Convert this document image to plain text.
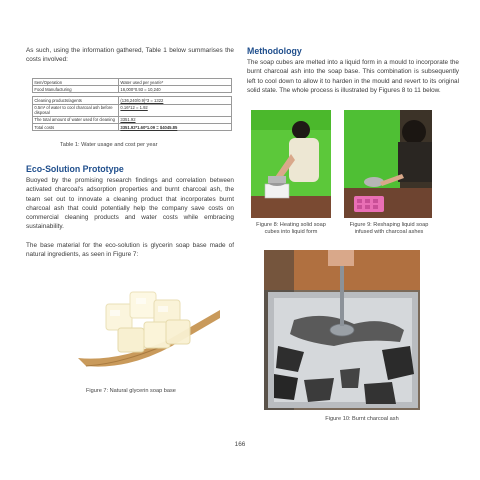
As such, using the information gathered, Table 1 below summarises the costs involved:

Item/Operation	Water used per year/e*
Food Manufacturing	16,000*0.93 = 10,240

Cleaning products/agents	(136,240/0.9)*3 = 1322
0.5m³ of water to cool charcoal ash before disposal	0.16*12 = 1.92
The total amount of water used for cleaning	3351.92
Total costs	3351.92*1.60*1.09 = $4045.85
Table 1: Water usage and cost per year
Eco-Solution Prototype

Buoyed by the promising research findings and correlation between activated charcoal's adsorption properties and burnt charcoal ash, the team set out to innovate a cleaning product that incorporates burnt charcoal ash that could potentially help the company save costs on commercial cleaning products and water costs while embracing sustainability.

The base material for the eco-solution is glycerin soap base made of natural ingredients, as seen in Figure 7:

Figure 7: Natural glycerin soap base
Methodology

The soap cubes are melted into a liquid form in a mould to incorporate the burnt charcoal ash into the soap base. This combination is subsequently left to cool down to allow it to harden in the mould and revert to its original solid state. The whole process is illustrated by Figures 8 to 11 below.

Figure 8: Heating solid soap cubes into liquid form
Figure 9: Reshaping liquid soap infused with charcoal ashes
Figure 10: Burnt charcoal ash
166
